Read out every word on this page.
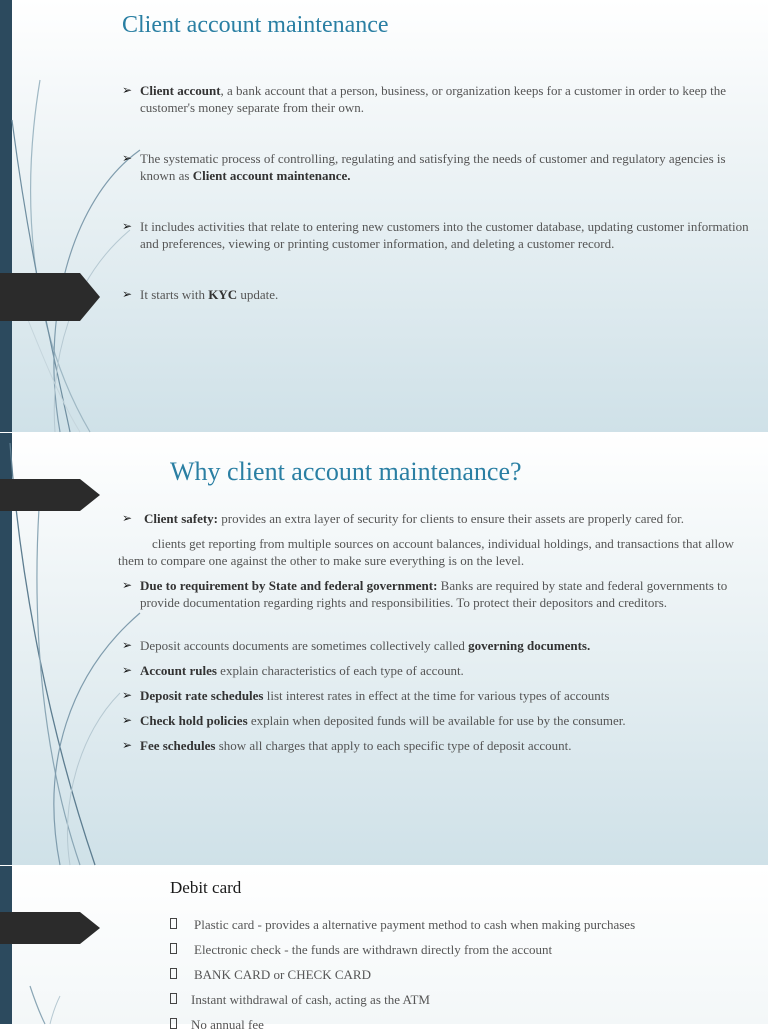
Client account maintenance
➢ Client account, a bank account that a person, business, or organization keeps for a customer in order to keep the customer's money separate from their own.
➢ The systematic process of controlling, regulating and satisfying the needs of customer and regulatory agencies is known as Client account maintenance.
➢ It includes activities that relate to entering new customers into the customer database, updating customer information and preferences, viewing or printing customer information, and deleting a customer record.
➢ It starts with KYC update.
Why client account maintenance?
➢ Client safety: provides an extra layer of security for clients to ensure their assets are properly cared for.
clients get reporting from multiple sources on account balances, individual holdings, and transactions that allow them to compare one against the other to make sure everything is on the level.
➢ Due to requirement by State and federal government: Banks are required by state and federal governments to provide documentation regarding rights and responsibilities. To protect their depositors and creditors.
➢ Deposit accounts documents are sometimes collectively called governing documents.
➢ Account rules explain characteristics of each type of account.
➢ Deposit rate schedules list interest rates in effect at the time for various types of accounts
➢ Check hold policies explain when deposited funds will be available for use by the consumer.
➢ Fee schedules show all charges that apply to each specific type of deposit account.
Debit card
Plastic card - provides a alternative payment method to cash when making purchases
Electronic check - the funds are withdrawn directly from the account
BANK CARD or CHECK CARD
Instant withdrawal of cash, acting as the ATM
No annual fee
